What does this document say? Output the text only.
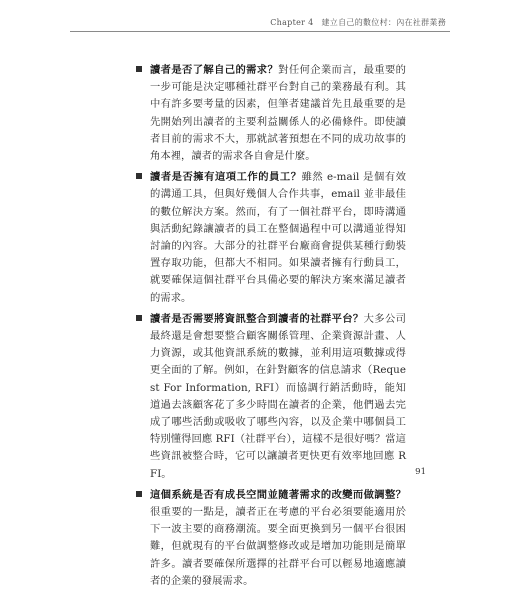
Chapter 4 建立自己的數位村：內在社群業務
讀者是否了解自己的需求？對任何企業而言，最重要的一步可能是決定哪種社群平台對自己的業務最有利。其中有許多要考量的因素，但筆者建議首先且最重要的是先開始列出讀者的主要利益關係人的必備條件。即使讀者目前的需求不大，那就試著預想在不同的成功故事的角本裡，讀者的需求各自會是什麼。
讀者是否擁有這項工作的員工？雖然 e-mail 是個有效的溝通工具，但與好幾個人合作共事，email 並非最佳的數位解決方案。然而，有了一個社群平台，即時溝通與活動紀錄讓讀者的員工在整個過程中可以溝通並得知討論的內容。大部分的社群平台廠商會提供某種行動裝置存取功能，但都大不相同。如果讀者擁有行動員工，就要確保這個社群平台具備必要的解決方案來滿足讀者的需求。
讀者是否需要將資訊整合到讀者的社群平台？大多公司最終還是會想要整合顧客關係管理、企業資源計畫、人力資源，或其他資訊系統的數據，並利用這項數據或得更全面的了解。例如，在針對顧客的信息請求（Request For Information, RFI）而協調行銷活動時，能知道過去該顧客花了多少時間在讀者的企業，他們過去完成了哪些活動或吸收了哪些內容，以及企業中哪個員工特別懂得回應 RFI（社群平台），這樣不是很好嗎？當這些資訊被整合時，它可以讓讀者更快更有效率地回應 RFI。
這個系統是否有成長空間並隨著需求的改變而做調整？很重要的一點是，讀者正在考慮的平台必須要能適用於下一波主要的商務潮流。要全面更換到另一個平台很困難，但就現有的平台做調整修改或是增加功能則是簡單許多。讀者要確保所選擇的社群平台可以輕易地適應讀者的企業的發展需求。
91
